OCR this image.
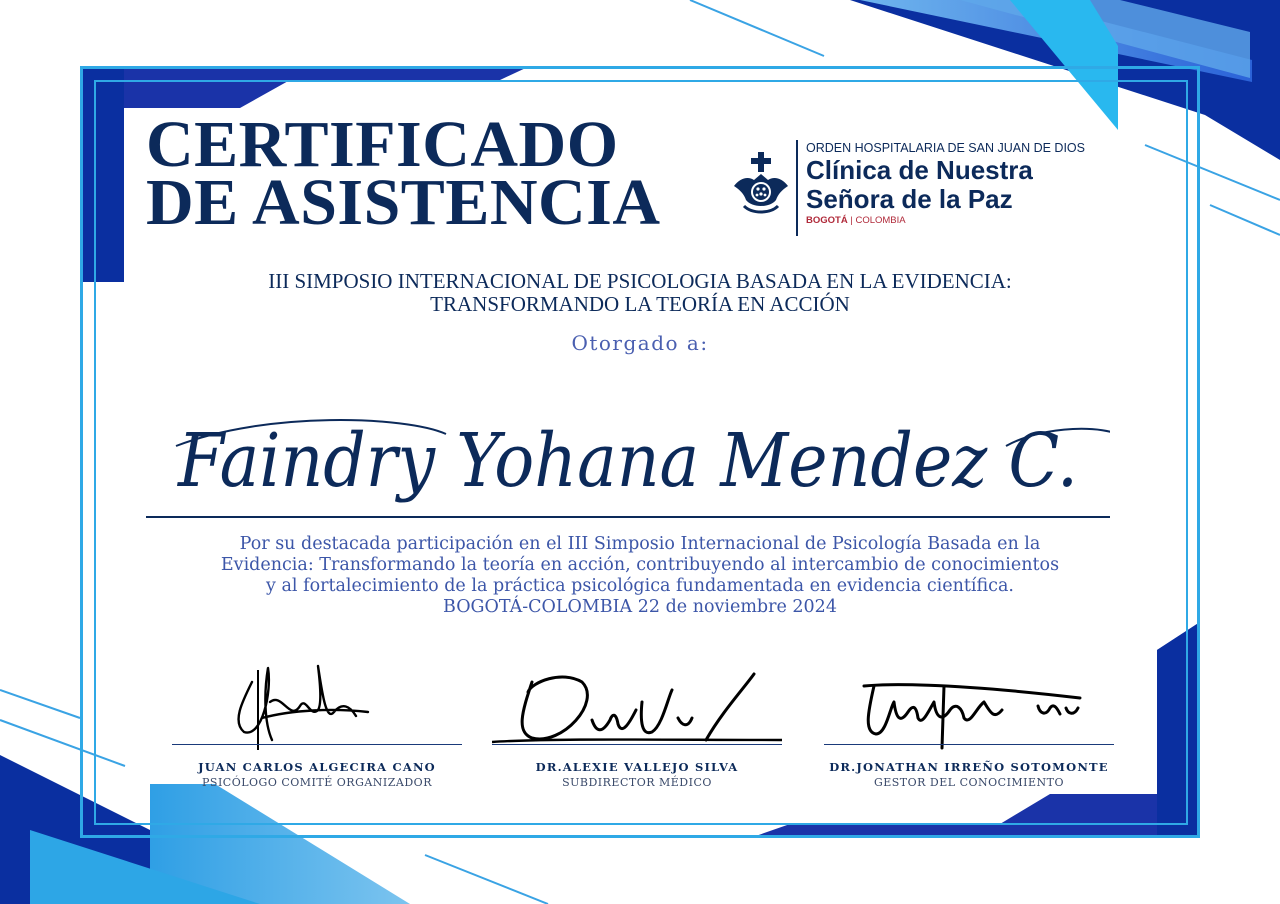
CERTIFICADO
DE ASISTENCIA
ORDEN HOSPITALARIA DE SAN JUAN DE DIOS
Clínica de Nuestra
Señora de la Paz
BOGOTÁ | COLOMBIA
III SIMPOSIO INTERNACIONAL DE PSICOLOGIA BASADA EN LA EVIDENCIA:
TRANSFORMANDO LA TEORÍA EN ACCIÓN
Otorgado a:
Faindry Yohana Mendez C.
Por su destacada participación en el III Simposio Internacional de Psicología Basada en la
Evidencia: Transformando la teoría en acción, contribuyendo al intercambio de conocimientos
y al fortalecimiento de la práctica psicológica fundamentada en evidencia científica.
BOGOTÁ-COLOMBIA 22 de noviembre 2024
JUAN CARLOS ALGECIRA CANO
PSICÓLOGO COMITÉ ORGANIZADOR
DR.ALEXIE VALLEJO SILVA
SUBDIRECTOR MÉDICO
DR.JONATHAN IRREÑO SOTOMONTE
GESTOR DEL CONOCIMIENTO
